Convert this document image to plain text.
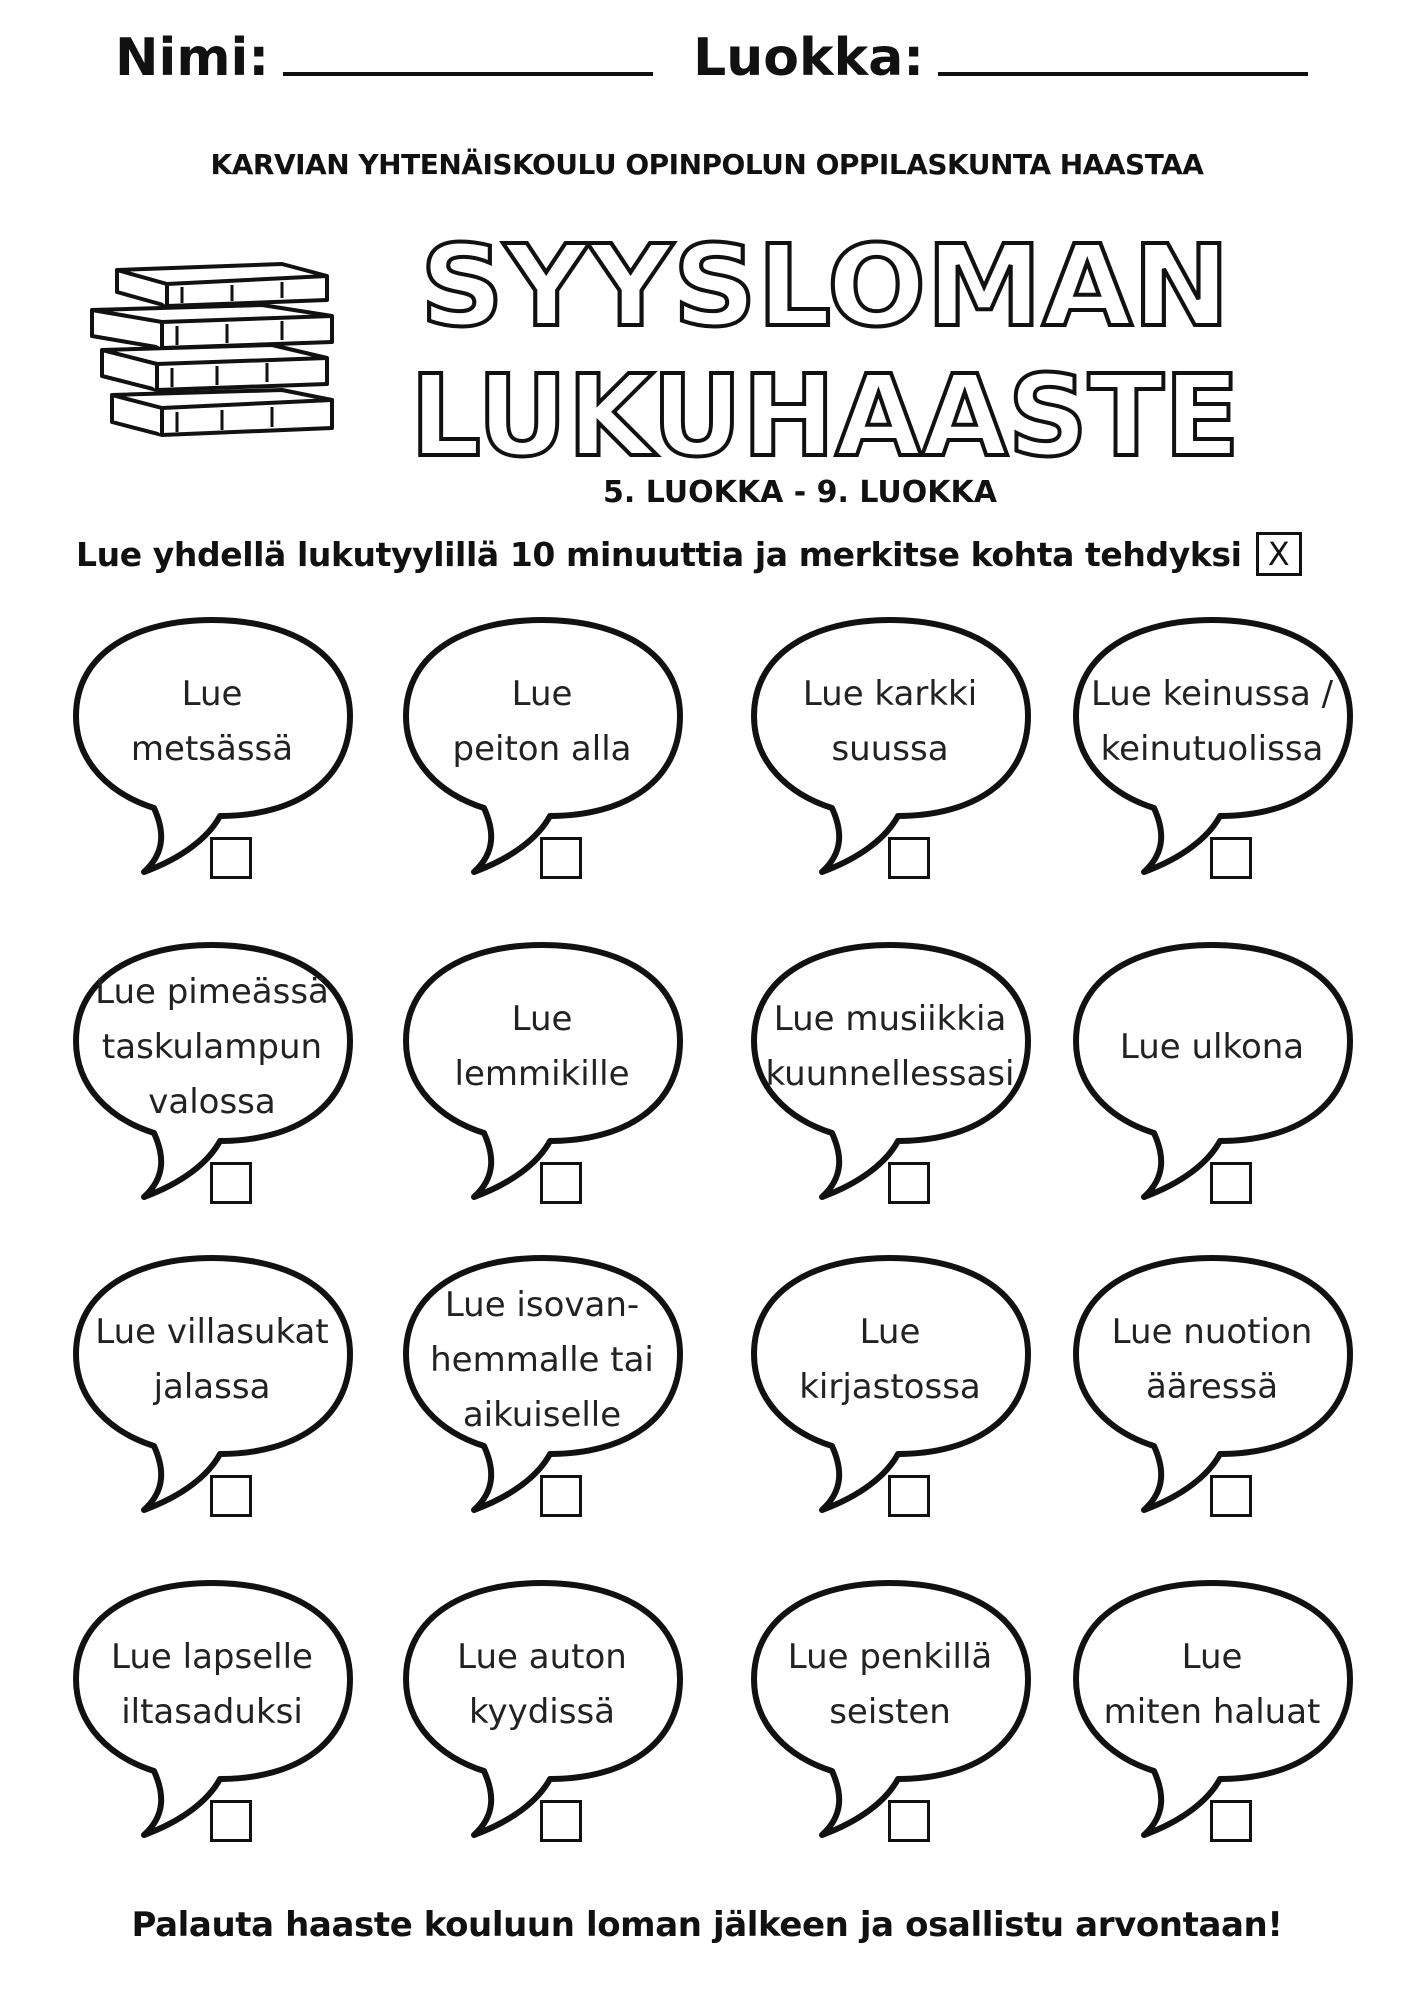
Nimi:	Luokka:
KARVIAN YHTENÄISKOULU OPINPOLUN OPPILASKUNTA HAASTAA
SYYSLOMAN
LUKUHAASTE
5. LUOKKA - 9. LUOKKA
Lue yhdellä lukutyylillä 10 minuuttia ja merkitse kohta tehdyksi X
Lue
metsässä
Lue
peiton alla
Lue karkki
suussa
Lue keinussa /
keinutuolissa
Lue pimeässä
taskulampun
valossa
Lue
lemmikille
Lue musiikkia
kuunnellessasi
Lue ulkona
Lue villasukat
jalassa
Lue isovan-
hemmalle tai
aikuiselle
Lue
kirjastossa
Lue nuotion
ääressä
Lue lapselle
iltasaduksi
Lue auton
kyydissä
Lue penkillä
seisten
Lue
miten haluat
Palauta haaste kouluun loman jälkeen ja osallistu arvontaan!
